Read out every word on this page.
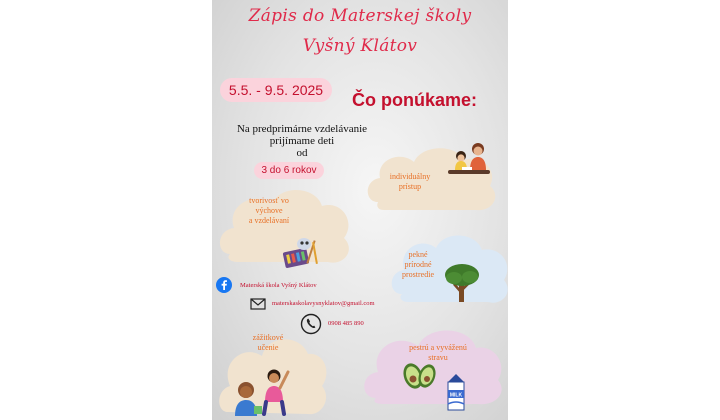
Zápis do Materskej školy
Vyšný Klátov
5.5. - 9.5. 2025	Čo ponúkame:
Na predprimárne vzdelávanie
prijímame deti
od
3 do 6 rokov
individuálny
prístup
tvorivosť vo
výchove
a vzdelávaní
pekné
prírodné
prostredie
Materská škola Vyšný Klátov
materskaskolavysnyklatov@gmail.com
0908 485 890
zážitkové
učenie	pestrú a vyváženú
stravu
MILK
